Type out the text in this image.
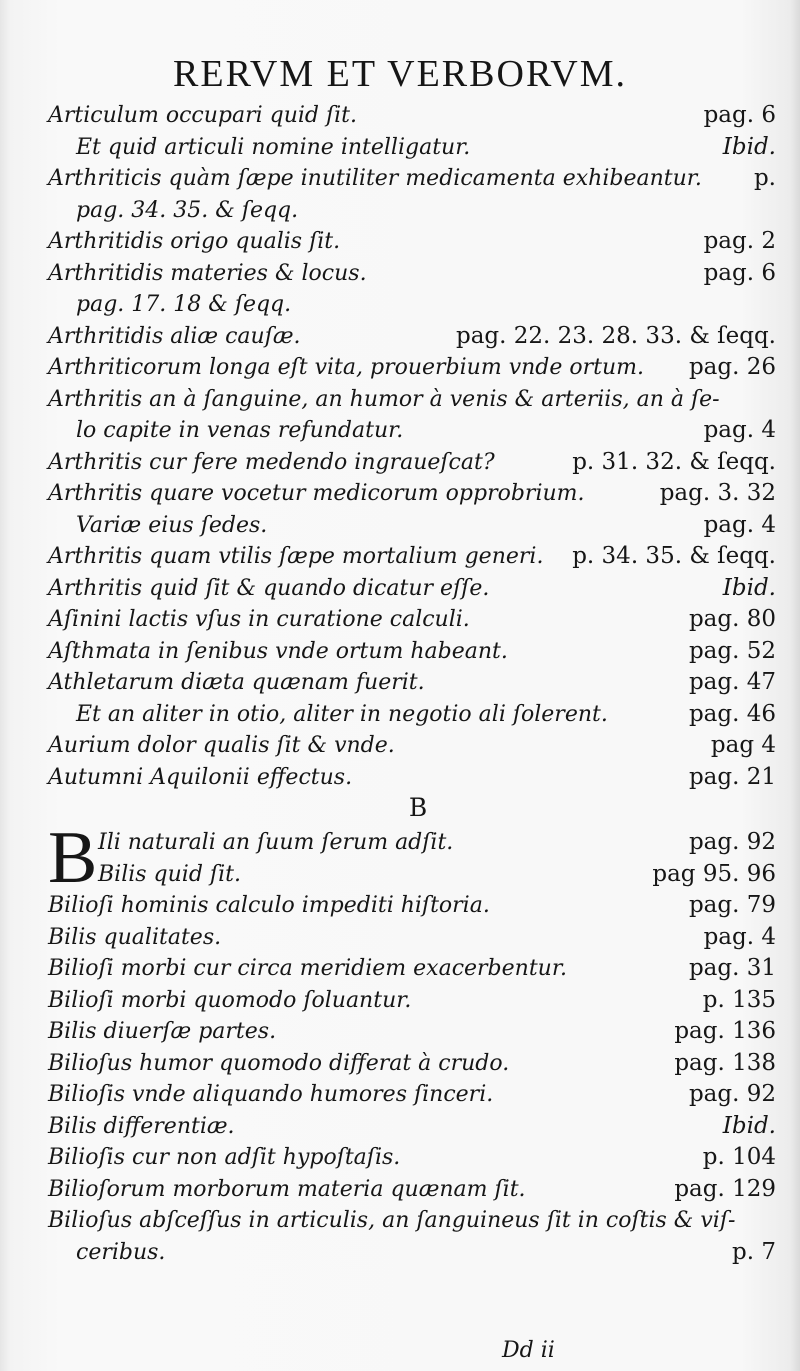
RERVM ET VERBORVM.
Articulum occupari quid ſit.	pag. 6
Et quid articuli nomine intelligatur.	Ibid.
Arthriticis quàm ſæpe inutiliter medicamenta exhibeantur. p.
pag. 34. 35. & ſeqq.
Arthritidis origo qualis ſit.	pag. 2
Arthritidis materies & locus.	pag. 6
pag. 17. 18 & ſeqq.
Arthritidis aliæ cauſæ.	pag. 22. 23. 28. 33. & ſeqq.
Arthriticorum longa eſt vita, prouerbium vnde ortum. pag. 26
Arthritis an à ſanguine, an humor à venis & arteriis, an à ſe-
lo capite in venas refundatur.	pag. 4
Arthritis cur fere medendo ingraueſcat?	p. 31. 32. & ſeqq.
Arthritis quare vocetur medicorum opprobrium.	pag. 3. 32
Variæ eius ſedes.	pag. 4
Arthritis quam vtilis ſæpe mortalium generi. p. 34. 35. & ſeqq.
Arthritis quid ſit & quando dicatur eſſe.	Ibid.
Aſinini lactis vſus in curatione calculi.	pag. 80
Aſthmata in ſenibus vnde ortum habeant.	pag. 52
Athletarum diæta quænam fuerit.	pag. 47
Et an aliter in otio, aliter in negotio ali ſolerent.	pag. 46
Aurium dolor qualis ſit & vnde.	pag 4
Autumni Aquilonii effectus.	pag. 21
B
B Ili naturali an ſuum ſerum adſit.	pag. 92
Bilis quid ſit.	pag 95. 96
Bilioſi hominis calculo impediti hiſtoria.	pag. 79
Bilis qualitates.	pag. 4
Bilioſi morbi cur circa meridiem exacerbentur.	pag. 31
Bilioſi morbi quomodo ſoluantur.	p. 135
Bilis diuerſæ partes.	pag. 136
Bilioſus humor quomodo differat à crudo.	pag. 138
Bilioſis vnde aliquando humores ſinceri.	pag. 92
Bilis differentiæ.	Ibid.
Bilioſis cur non adſit hypoſtaſis.	p. 104
Bilioſorum morborum materia quænam ſit.	pag. 129
Bilioſus abſceſſus in articulis, an ſanguineus ſit in coſtis & viſ-
ceribus.	p. 7
Dd ii
